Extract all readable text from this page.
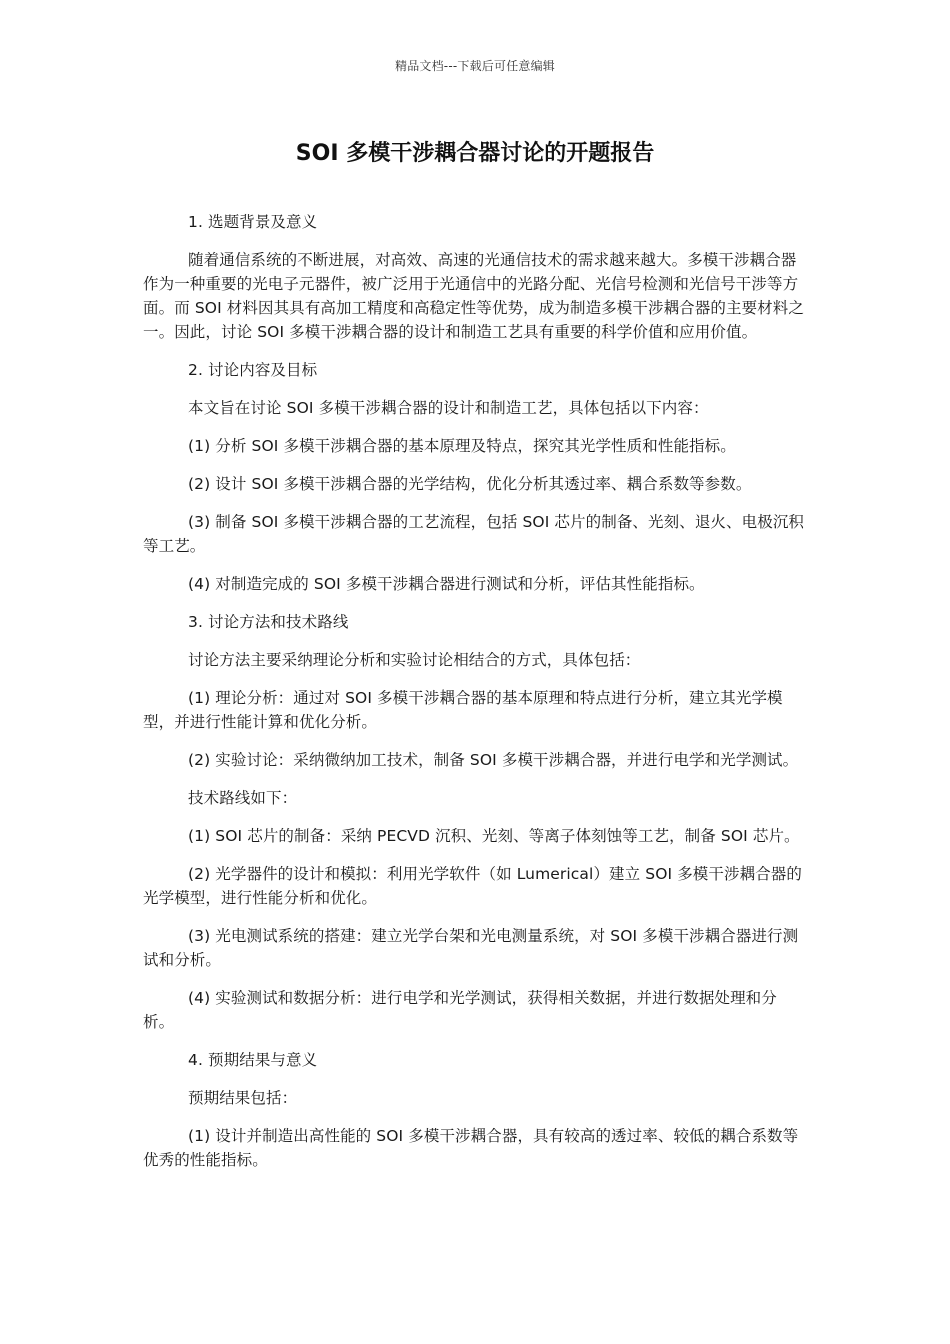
精品文档---下载后可任意编辑
SOI 多模干涉耦合器讨论的开题报告

1. 选题背景及意义

随着通信系统的不断进展，对高效、高速的光通信技术的需求越来越大。多模干涉耦合器作为一种重要的光电子元器件，被广泛用于光通信中的光路分配、光信号检测和光信号干涉等方面。而 SOI 材料因其具有高加工精度和高稳定性等优势，成为制造多模干涉耦合器的主要材料之一。因此，讨论 SOI 多模干涉耦合器的设计和制造工艺具有重要的科学价值和应用价值。

2. 讨论内容及目标

本文旨在讨论 SOI 多模干涉耦合器的设计和制造工艺，具体包括以下内容：

(1) 分析 SOI 多模干涉耦合器的基本原理及特点，探究其光学性质和性能指标。

(2) 设计 SOI 多模干涉耦合器的光学结构，优化分析其透过率、耦合系数等参数。

(3) 制备 SOI 多模干涉耦合器的工艺流程，包括 SOI 芯片的制备、光刻、退火、电极沉积等工艺。

(4) 对制造完成的 SOI 多模干涉耦合器进行测试和分析，评估其性能指标。

3. 讨论方法和技术路线

讨论方法主要采纳理论分析和实验讨论相结合的方式，具体包括：

(1) 理论分析：通过对 SOI 多模干涉耦合器的基本原理和特点进行分析，建立其光学模型，并进行性能计算和优化分析。

(2) 实验讨论：采纳微纳加工技术，制备 SOI 多模干涉耦合器，并进行电学和光学测试。

技术路线如下：

(1) SOI 芯片的制备：采纳 PECVD 沉积、光刻、等离子体刻蚀等工艺，制备 SOI 芯片。

(2) 光学器件的设计和模拟：利用光学软件（如 Lumerical）建立 SOI 多模干涉耦合器的光学模型，进行性能分析和优化。

(3) 光电测试系统的搭建：建立光学台架和光电测量系统，对 SOI 多模干涉耦合器进行测试和分析。

(4) 实验测试和数据分析：进行电学和光学测试，获得相关数据，并进行数据处理和分析。

4. 预期结果与意义

预期结果包括：

(1) 设计并制造出高性能的 SOI 多模干涉耦合器，具有较高的透过率、较低的耦合系数等优秀的性能指标。
